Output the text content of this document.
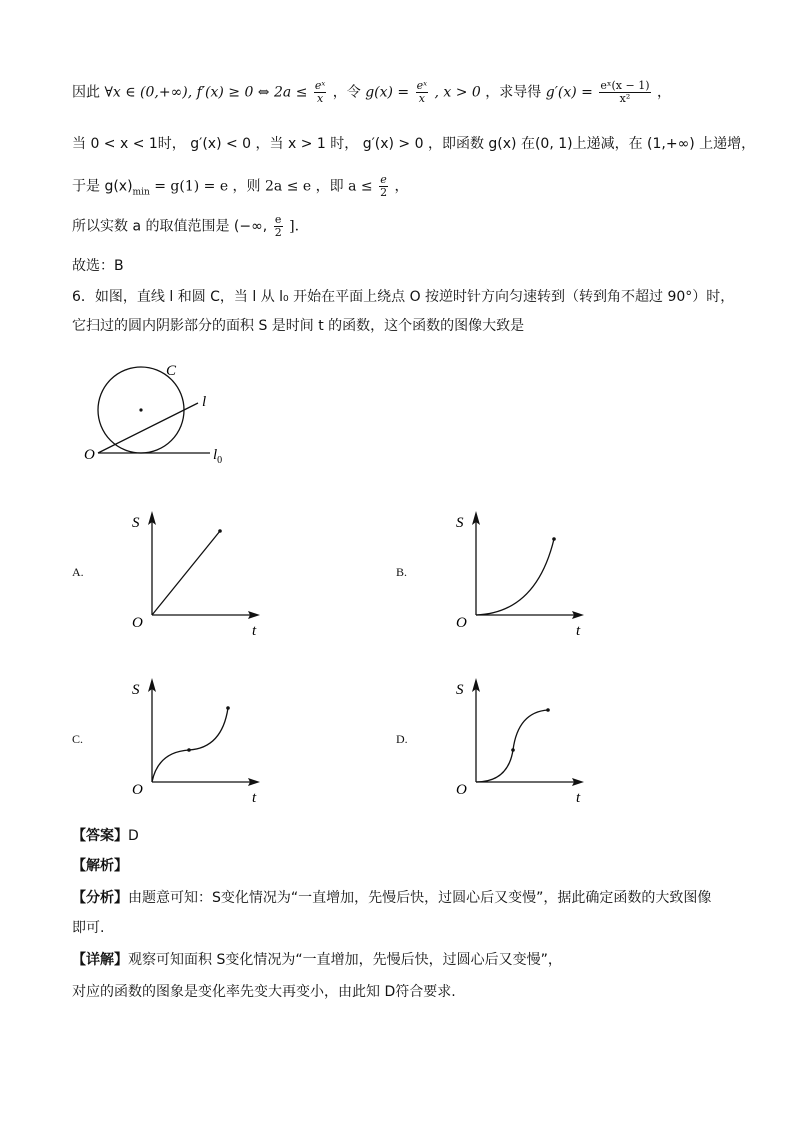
因此 ∀x ∈ (0,+∞), f′(x) ≥ 0 ⇔ $2a \le \frac{\text{eˣ}}{x}$ ，令 $g(x) = \frac{\text{eˣ}}{x}$ , x > 0 ，求导得 $g'(x) = \frac{\text{eˣ(x − 1)}}{\text{x²}}$ ，
当 0 < x < 1时， g′(x) < 0 ，当 x > 1 时， g′(x) > 0 ，即函数 g(x) 在(0, 1)上递减，在 (1,+∞) 上递增，
于是 $g(x)_{min} = g(1) = e$ ，则 2a ≤ e ，即 $a \le \frac{e}{2}$ ，
所以实数 a 的取值范围是 (−∞, $\frac{e}{2}$ ].
故选：B
6．如图，直线 l 和圆 C，当 l 从 l₀ 开始在平面上绕点 O 按逆时针方向匀速转到（转到角不超过 90°）时，
它扫过的圆内阴影部分的面积 S 是时间 t 的函数，这个函数的图像大致是
C
l
O	$l_0$
A.
S
t
O
B.
S
t
O
C.
S
t
O
D.
S
t
O
【答案】D
【解析】
【分析】由题意可知：S变化情况为“一直增加，先慢后快，过圆心后又变慢”，据此确定函数的大致图像
即可.
【详解】观察可知面积 S变化情况为“一直增加，先慢后快，过圆心后又变慢”，
对应的函数的图象是变化率先变大再变小，由此知 D符合要求.
